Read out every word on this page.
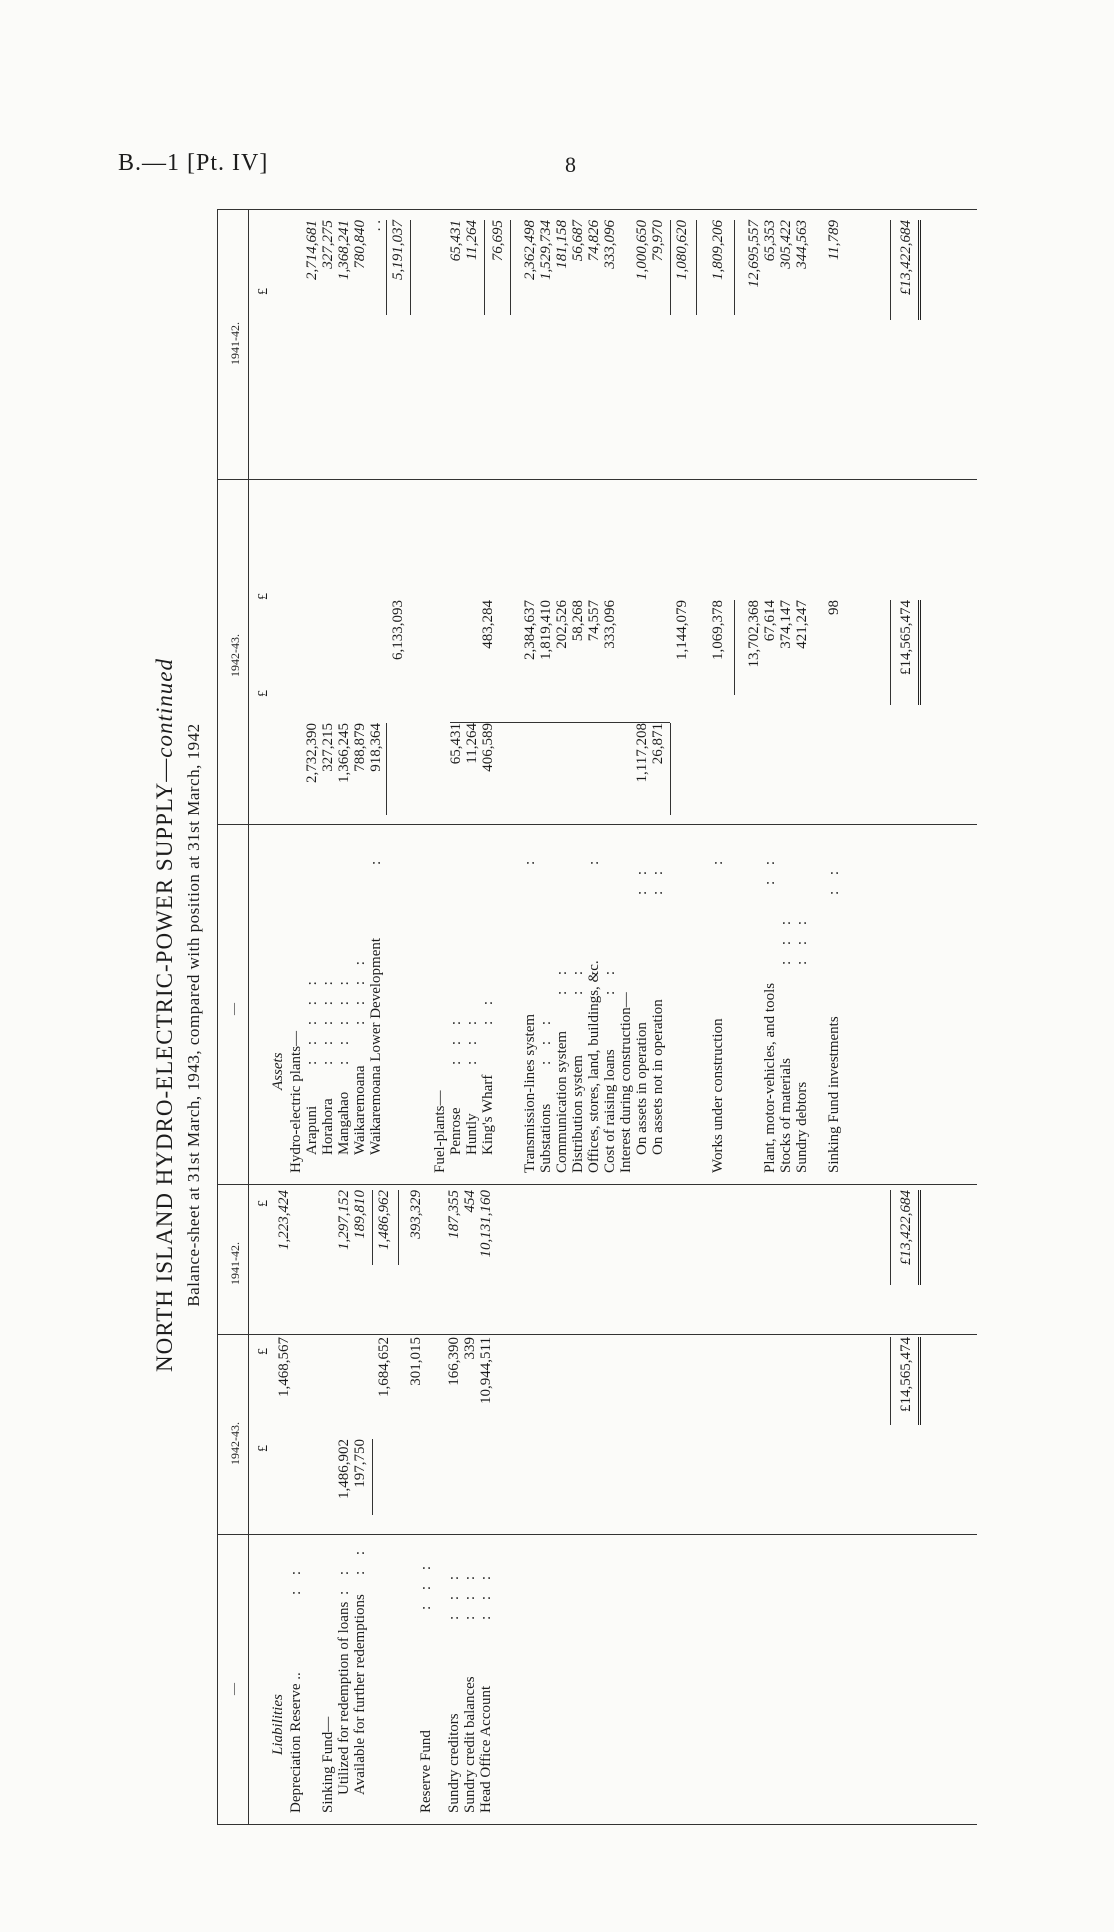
B.—1 [Pt. IV]	8
NORTH ISLAND HYDRO-ELECTRIC-POWER SUPPLY—continued
Balance-sheet at 31st March, 1943, compared with position at 31st March, 1942
—
1942-43.
1941-42.
—
1942-43.
1941-42.
£
£
£
£
£
£
Liabilities Depreciation Reserve ..
: :
1,468,567
1,223,424
Sinking Fund— Utilized for redemption of loans
: :
1,486,902
1,297,152
Available for further redemptions
: :
197,750
189,810
1,684,652
1,486,962
Reserve Fund
: : :
301,015
393,329
Sundry creditors
: : :
166,390
187,355
Sundry credit balances
: : :
339
454
Head Office Account
: : :
10,944,511
10,131,160
£14,565,474
£13,422,684
Assets Hydro-electric plants— Arapuni
: : : : :
2,732,390
2,714,681
Horahora
: : : : :
327,215
327,275
Mangahao
: : : : :
1,366,245
1,368,241
Waikaremoana
: : : :
788,879
780,840
Waikaremoana Lower Development
:
918,364
. .
6,133,093
5,191,037
Fuel-plants— Penrose
: : :
65,431
65,431
Huntly
: : :
11,264
11,264
King's Wharf
: :
406,589
483,284
76,695
Transmission-lines system
:
2,384,637
2,362,498
Substations
: : :
1,819,410
1,529,734
Communication system
: :
202,526
181,158
Distribution system
: :
58,268
56,687
Offices, stores, land, buildings, &c.
:
74,557
74,826
Cost of raising loans
: :
333,096
333,096
Interest during construction— On assets in operation
: :
1,117,208
1,000,650
On assets not in operation
: :
26,871
79,970
1,144,079
1,080,620
Works under construction
:
1,069,378
1,809,206
13,702,368
12,695,557
Plant, motor-vehicles, and tools
: :
67,614
65,353
Stocks of materials
: : :
374,147
305,422
Sundry debtors
: : :
421,247
344,563
Sinking Fund investments
: :
98
11,789
£14,565,474
£13,422,684
